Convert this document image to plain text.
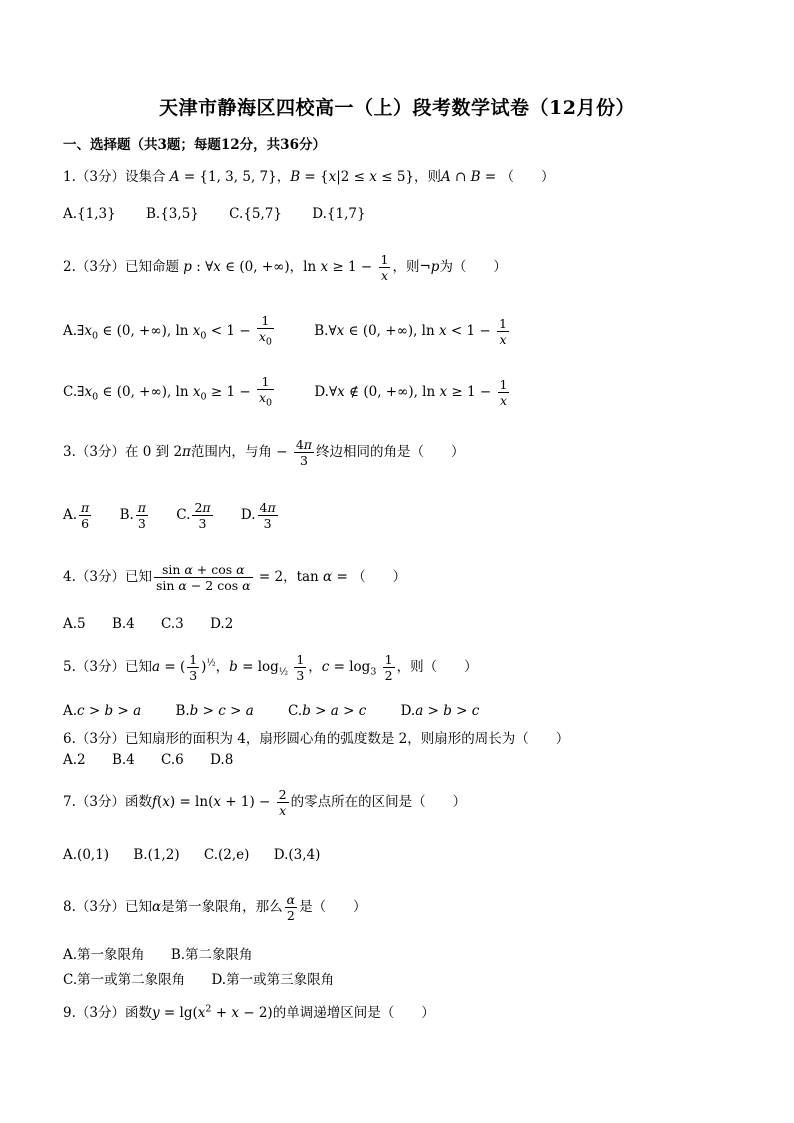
天津市静海区四校高一（上）段考数学试卷（12月份）
一、选择题（共3题；每题12分，共36分）
1.（3分）设集合 A = {1, 3, 5, 7}，B = {x|2 ≤ x ≤ 5}，则A ∩ B = （　　）
A.{1,3} B.{3,5} C.{5,7} D.{1,7}
2.（3分）已知命题 p : ∀x ∈ (0, +∞)，$\ln x \ge 1 - \frac{1}{x}$ ，则¬p为（　　）
$A.\exists x_0$ ∈ (0, +∞), $\ln x_0 < 1 - \frac{1}{x_0}$	B.∀x ∈ (0, +∞), $\ln x < 1 - \frac{1}{x}$
$C.\exists x_0$ ∈ (0, +∞), $\ln x_0 \ge 1 - \frac{1}{x_0}$	D.∀x ∉ (0, +∞), $\ln x \ge 1 - \frac{1}{x}$
3.（3分）在 0 到 2π范围内，与角 − $\frac{4\pi}{3}$ 终边相同的角是（　　）
A. $\frac{\pi}{6} B$. $\frac{\pi}{3} C$. $\frac{2\pi}{3} D$. $\frac{4\pi}{3}$
4.（3分）已知 $\frac{\text{sin α + cos α}}{\text{sin α − 2 cos α}} = 2$，tan α = （　　）
A.5 B.4 C.3 D.2
5.（3分）已知a = ( $\frac{1}{3} )^{\frac{1}{2}}$，$b = \log_{\frac{1}{2}} \frac{1}{3}$ ，$c = \log_3 \frac{1}{2}$ ，则（　　）
A.c > b > a	B.b > c > a	C.b > a > c	D.a > b > c
6.（3分）已知扇形的面积为 4，扇形圆心角的弧度数是 2，则扇形的周长为（　　）
A.2 B.4 C.6 D.8
7.（3分）函数$f(x) = \ln(x + 1) - \frac{2}{x}$ 的零点所在的区间是（　　）
A.(0,1) B.(1,2) C.(2,e) D.(3,4)
8.（3分）已知α是第一象限角，那么 $\frac{\alpha}{2}$ 是（　　）
A.第一象限角 B.第二象限角
C.第一或第二象限角 D.第一或第三象限角
9.（3分）函数$y = \lg(x^2 + x - 2)$的单调递增区间是（　　）
